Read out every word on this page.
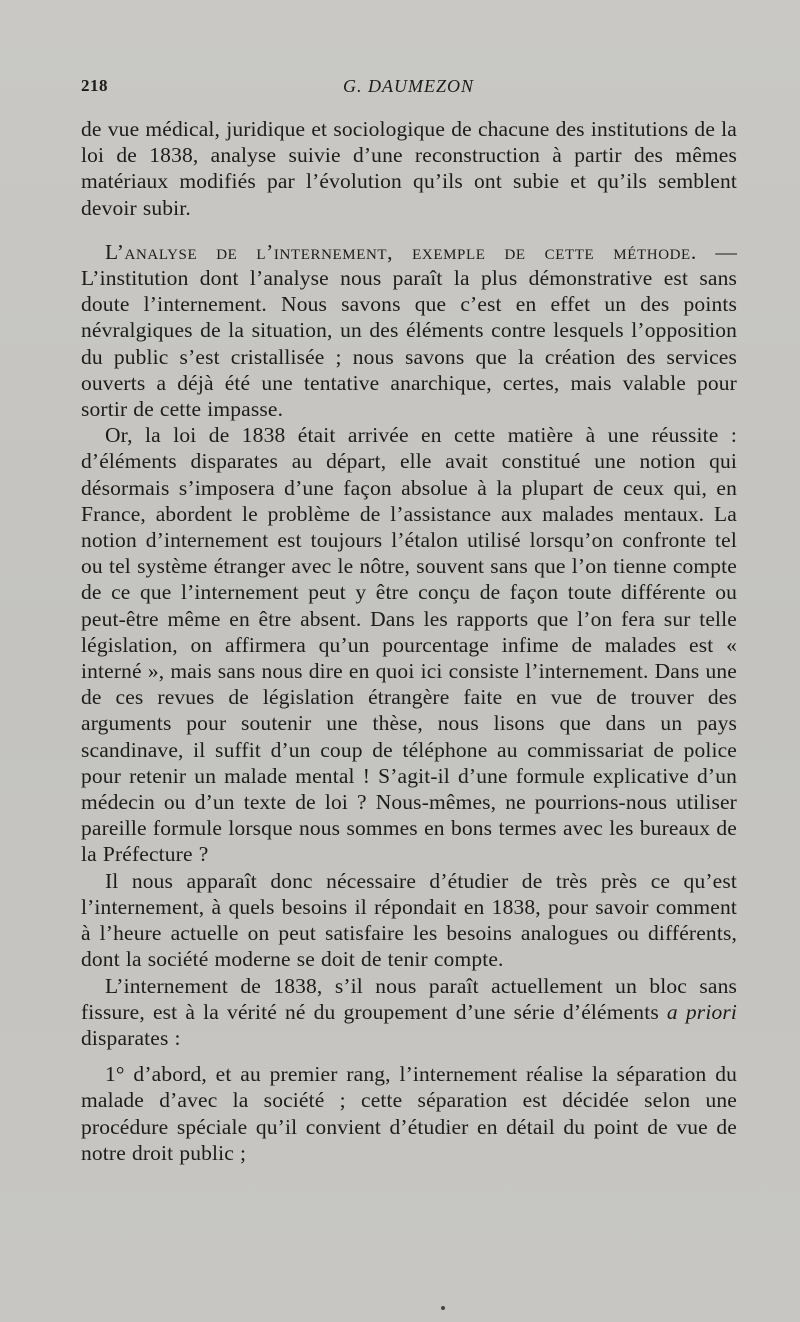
218	G. DAUMEZON

de vue médical, juridique et sociologique de chacune des institutions de la loi de 1838, analyse suivie d’une reconstruction à partir des mêmes matériaux modifiés par l’évolution qu’ils ont subie et qu’ils semblent devoir subir.

L’analyse de l’internement, exemple de cette méthode. — L’institution dont l’analyse nous paraît la plus démonstrative est sans doute l’internement. Nous savons que c’est en effet un des points névralgiques de la situation, un des éléments contre lesquels l’opposition du public s’est cristallisée ; nous savons que la création des services ouverts a déjà été une tentative anarchique, certes, mais valable pour sortir de cette impasse.

Or, la loi de 1838 était arrivée en cette matière à une réussite : d’éléments disparates au départ, elle avait constitué une notion qui désormais s’imposera d’une façon absolue à la plupart de ceux qui, en France, abordent le problème de l’assistance aux malades mentaux. La notion d’internement est toujours l’étalon utilisé lorsqu’on confronte tel ou tel système étranger avec le nôtre, souvent sans que l’on tienne compte de ce que l’internement peut y être conçu de façon toute différente ou peut-être même en être absent. Dans les rapports que l’on fera sur telle législation, on affirmera qu’un pourcentage infime de malades est « interné », mais sans nous dire en quoi ici consiste l’internement. Dans une de ces revues de législation étrangère faite en vue de trouver des arguments pour soutenir une thèse, nous lisons que dans un pays scandinave, il suffit d’un coup de téléphone au commissariat de police pour retenir un malade mental ! S’agit-il d’une formule explicative d’un médecin ou d’un texte de loi ? Nous-mêmes, ne pourrions-nous utiliser pareille formule lorsque nous sommes en bons termes avec les bureaux de la Préfecture ?

Il nous apparaît donc nécessaire d’étudier de très près ce qu’est l’internement, à quels besoins il répondait en 1838, pour savoir comment à l’heure actuelle on peut satisfaire les besoins analogues ou différents, dont la société moderne se doit de tenir compte.

L’internement de 1838, s’il nous paraît actuellement un bloc sans fissure, est à la vérité né du groupement d’une série d’éléments a priori disparates :

1° d’abord, et au premier rang, l’internement réalise la séparation du malade d’avec la société ; cette séparation est décidée selon une procédure spéciale qu’il convient d’étudier en détail du point de vue de notre droit public ;
